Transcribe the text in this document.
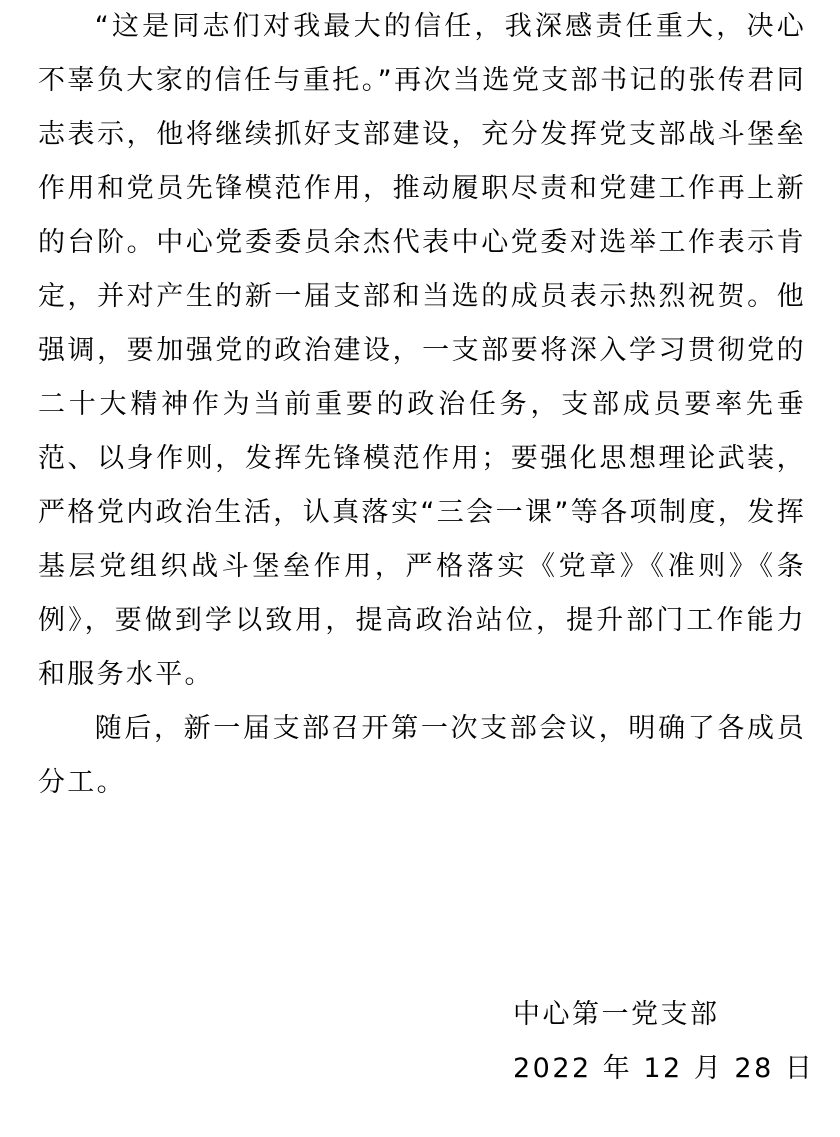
“这是同志们对我最大的信任，我深感责任重大，决心不辜负大家的信任与重托。”再次当选党支部书记的张传君同志表示，他将继续抓好支部建设，充分发挥党支部战斗堡垒作用和党员先锋模范作用，推动履职尽责和党建工作再上新的台阶。中心党委委员余杰代表中心党委对选举工作表示肯定，并对产生的新一届支部和当选的成员表示热烈祝贺。他强调，要加强党的政治建设，一支部要将深入学习贯彻党的二十大精神作为当前重要的政治任务，支部成员要率先垂范、以身作则，发挥先锋模范作用；要强化思想理论武装，严格党内政治生活，认真落实“三会一课”等各项制度，发挥基层党组织战斗堡垒作用，严格落实《党章》《准则》《条例》，要做到学以致用，提高政治站位，提升部门工作能力和服务水平。

随后，新一届支部召开第一次支部会议，明确了各成员分工。

中心第一党支部
2022 年 12 月 28 日
